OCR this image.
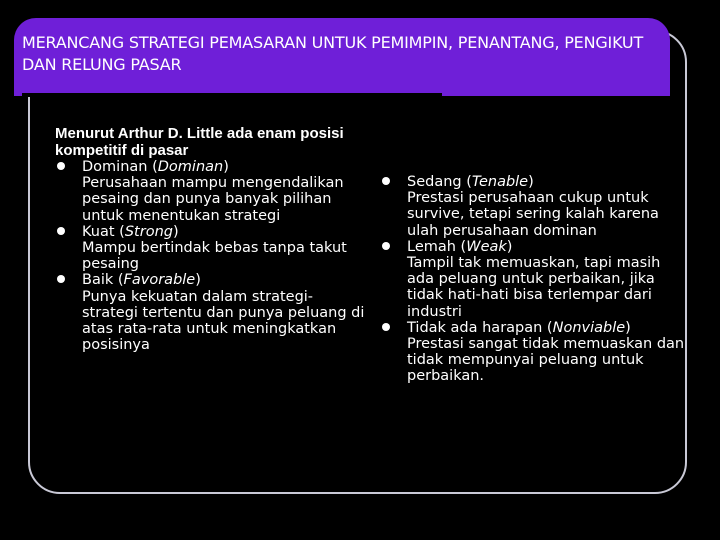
MERANCANG STRATEGI PEMASARAN UNTUK PEMIMPIN, PENANTANG, PENGIKUT DAN RELUNG PASAR

Menurut Arthur D. Little ada enam posisi kompetitif di pasar

Dominan (Dominan)
Perusahaan mampu mengendalikan pesaing dan punya banyak pilihan untuk menentukan strategi
Kuat (Strong)
Mampu bertindak bebas tanpa takut pesaing
Baik (Favorable)
Punya kekuatan dalam strategi-strategi tertentu dan punya peluang di atas rata-rata untuk meningkatkan posisinya
Sedang (Tenable)
Prestasi perusahaan cukup untuk survive, tetapi sering kalah karena ulah perusahaan dominan
Lemah (Weak)
Tampil tak memuaskan, tapi masih ada peluang untuk perbaikan, jika tidak hati-hati bisa terlempar dari industri
Tidak ada harapan (Nonviable)
Prestasi sangat tidak memuaskan dan tidak mempunyai peluang untuk perbaikan.
